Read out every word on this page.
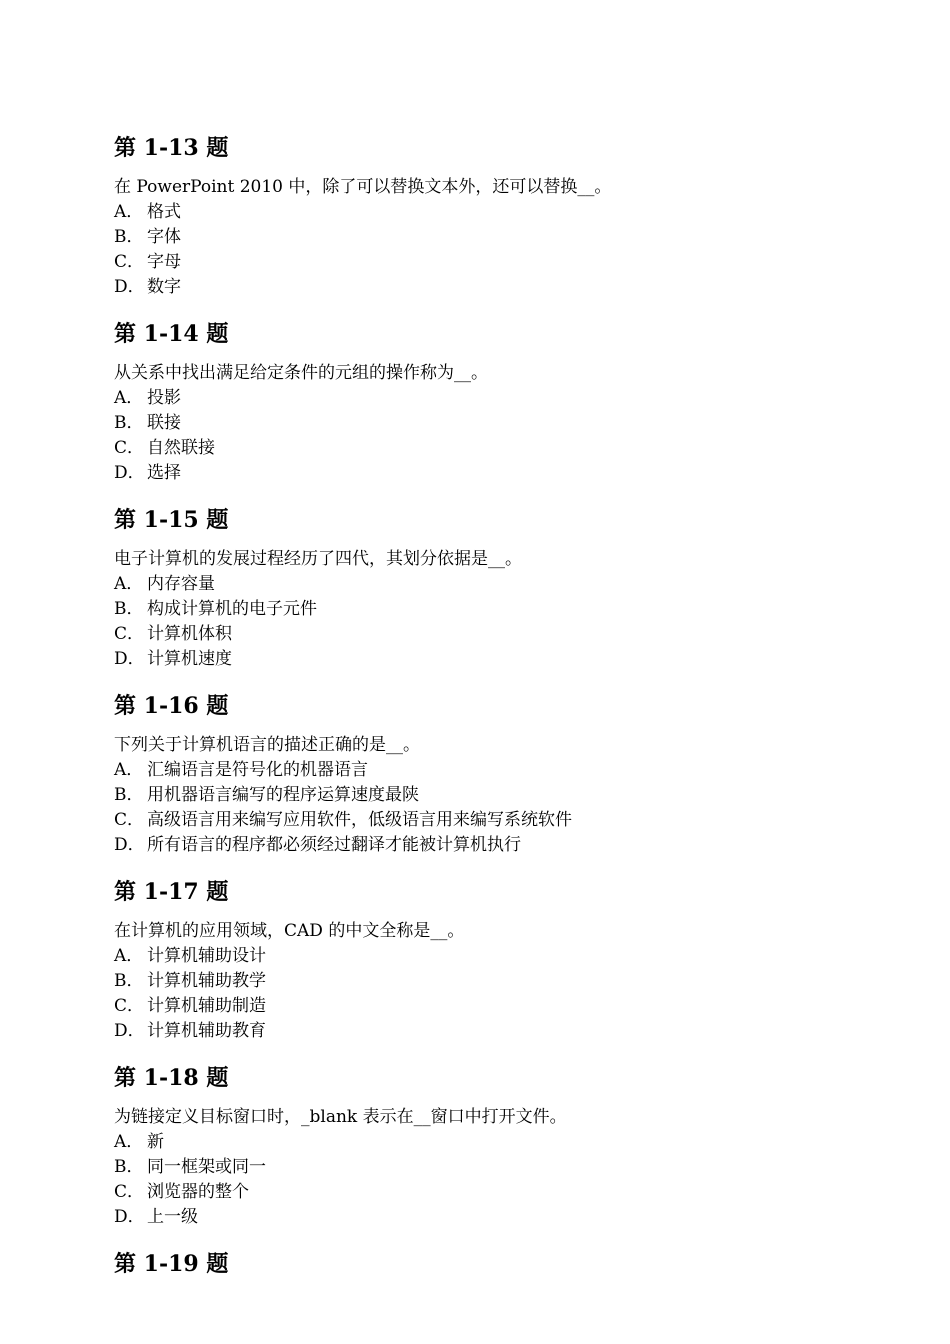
第 1-13 题
在 PowerPoint 2010 中，除了可以替换文本外，还可以替换__。
A． 格式
B． 字体
C． 字母
D． 数字
第 1-14 题
从关系中找出满足给定条件的元组的操作称为__。
A． 投影
B． 联接
C． 自然联接
D． 选择
第 1-15 题
电子计算机的发展过程经历了四代，其划分依据是__。
A． 内存容量
B． 构成计算机的电子元件
C． 计算机体积
D． 计算机速度
第 1-16 题
下列关于计算机语言的描述正确的是__。
A． 汇编语言是符号化的机器语言
B． 用机器语言编写的程序运算速度最陕
C． 高级语言用来编写应用软件，低级语言用来编写系统软件
D． 所有语言的程序都必须经过翻译才能被计算机执行
第 1-17 题
在计算机的应用领域，CAD 的中文全称是__。
A． 计算机辅助设计
B． 计算机辅助教学
C． 计算机辅助制造
D． 计算机辅助教育
第 1-18 题
为链接定义目标窗口时，_blank 表示在__窗口中打开文件。
A． 新
B． 同一框架或同一
C． 浏览器的整个
D． 上一级
第 1-19 题
